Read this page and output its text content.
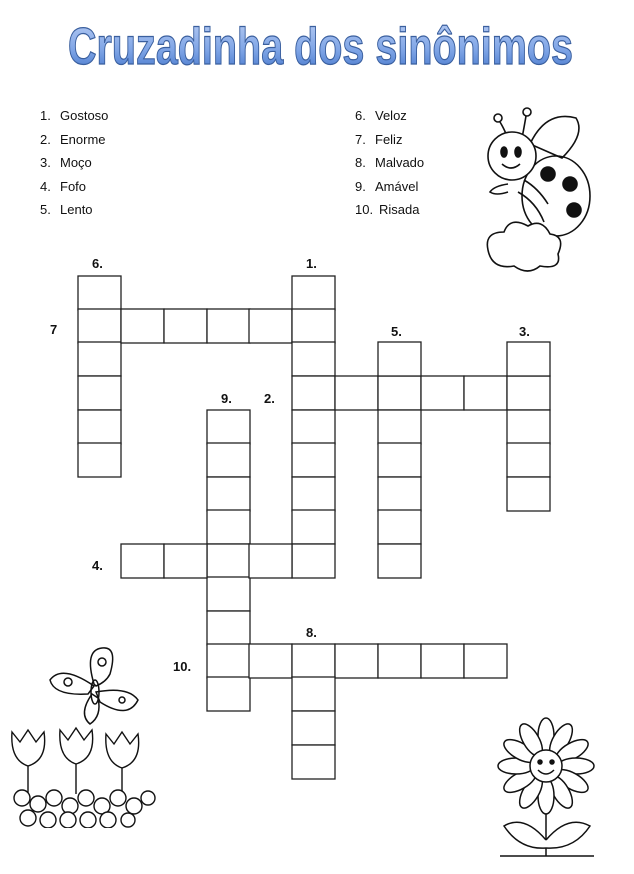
Cruzadinha dos sinônimos
1. Gostoso
2. Enorme
3. Moço
4. Fofo
5. Lento
6. Veloz
7. Feliz
8. Malvado
9. Amável
10. Risada
6.	1.
7	5.	3.
9. 2.
4.
8.
10.
